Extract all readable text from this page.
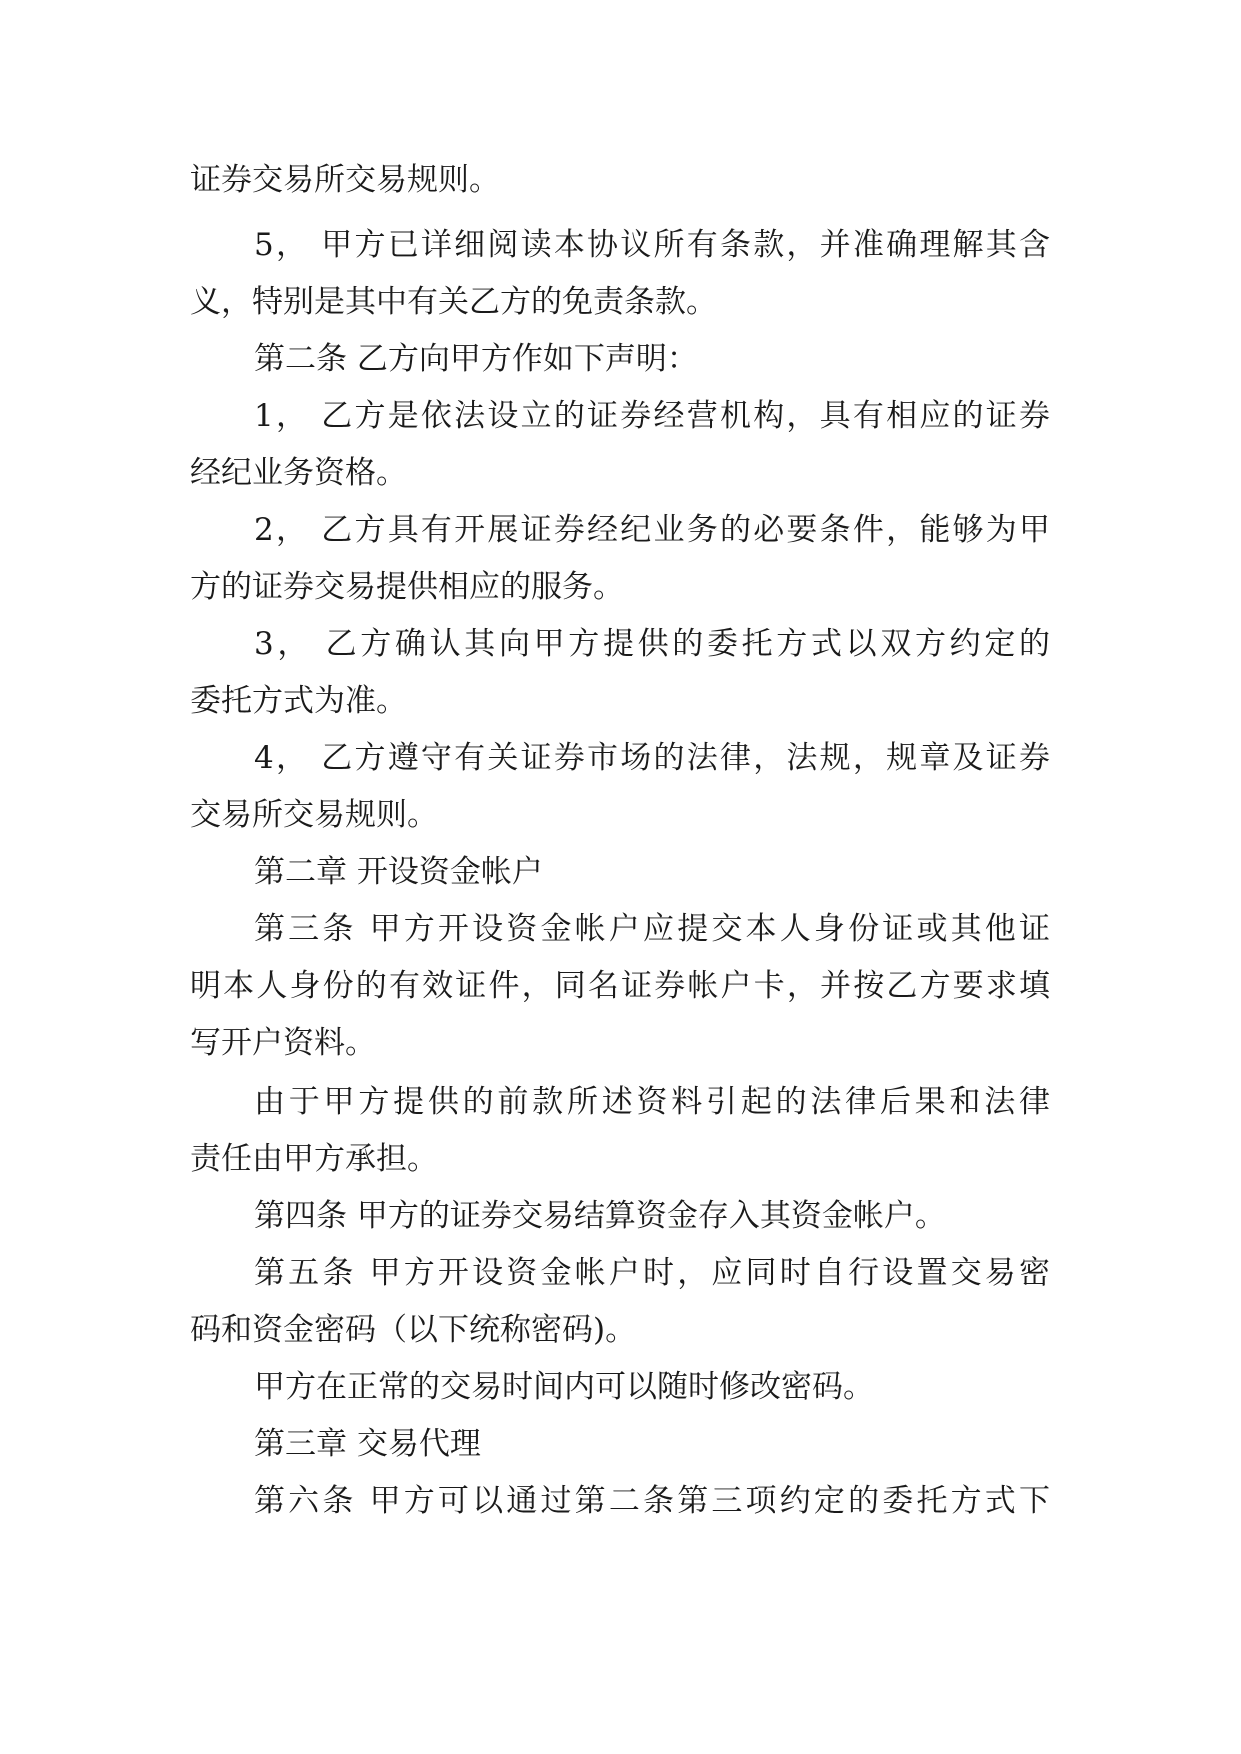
证券交易所交易规则。
5， 甲方已详细阅读本协议所有条款，并准确理解其含
义，特别是其中有关乙方的免责条款。
第二条 乙方向甲方作如下声明：
1， 乙方是依法设立的证券经营机构，具有相应的证券
经纪业务资格。
2， 乙方具有开展证券经纪业务的必要条件，能够为甲
方的证券交易提供相应的服务。
3， 乙方确认其向甲方提供的委托方式以双方约定的
委托方式为准。
4， 乙方遵守有关证券市场的法律，法规，规章及证券
交易所交易规则。
第二章 开设资金帐户
第三条 甲方开设资金帐户应提交本人身份证或其他证
明本人身份的有效证件，同名证券帐户卡，并按乙方要求填
写开户资料。
由于甲方提供的前款所述资料引起的法律后果和法律
责任由甲方承担。
第四条 甲方的证券交易结算资金存入其资金帐户。
第五条 甲方开设资金帐户时，应同时自行设置交易密
码和资金密码（以下统称密码)。
甲方在正常的交易时间内可以随时修改密码。
第三章 交易代理
第六条 甲方可以通过第二条第三项约定的委托方式下
